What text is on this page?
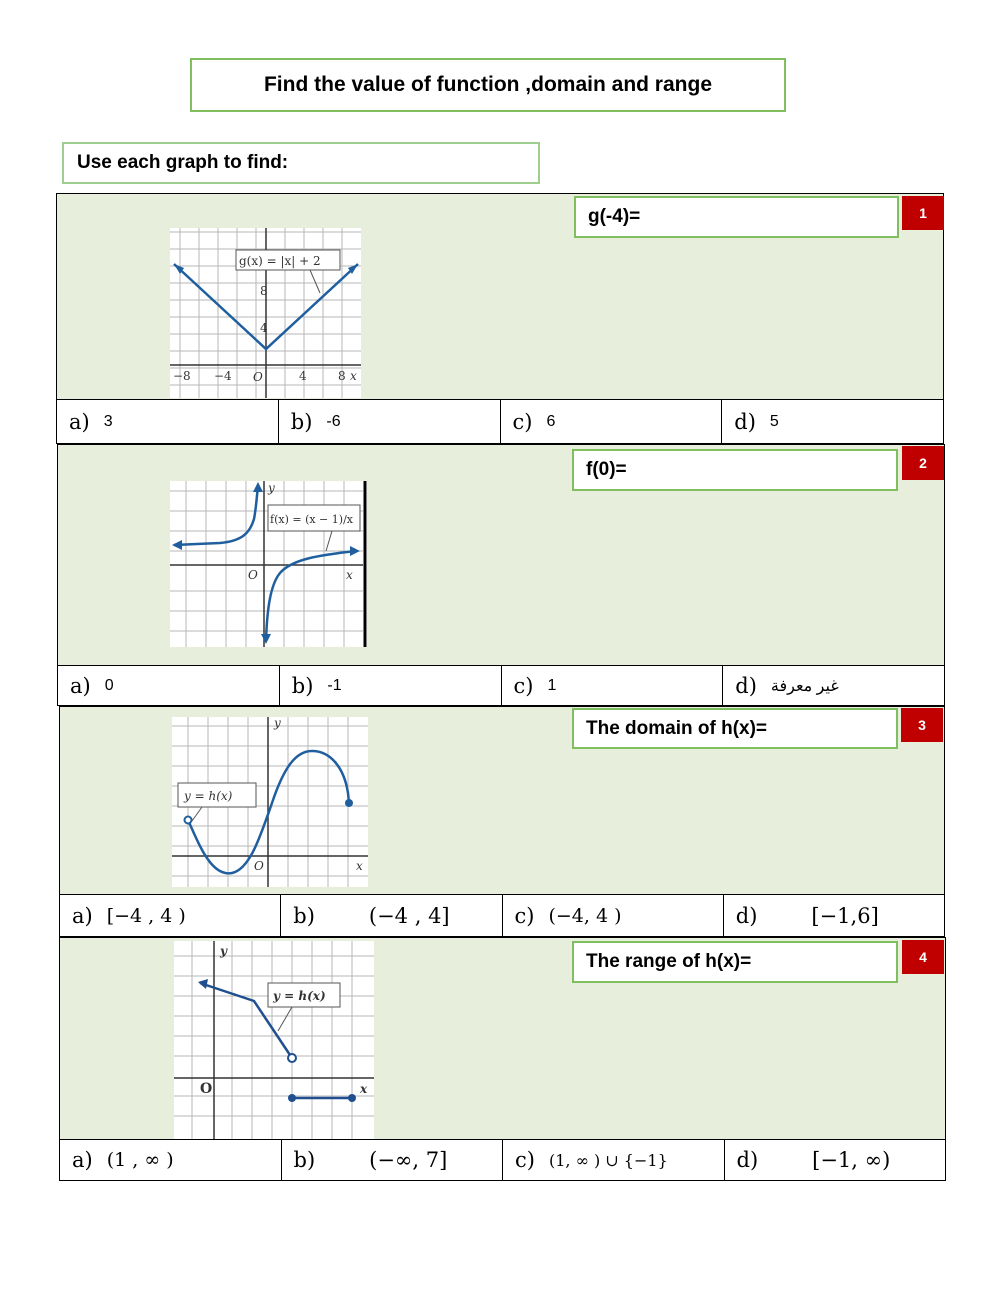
Find the value of function ,domain and range
Use each graph to find:
g(-4)=	1
g(x) = |x| + 2
8
4
−8 −4 O	4	8 x
a) 3	b) -6	c) 6	d) 5
f(0)=	2
f(x) = (x − 1)/x
y
O	x
a) 0	b) -1	c) 1	d) غير معرفة
The domain of h(x)=	3
y = h(x)
y
O	x
a) [−4 , 4 )	b)	(−4 , 4]	c) (−4, 4 )	d)	[−1,6]
The range of h(x)=	4
y = h(x)
y
O	x
a) (1 , ∞ )	b)	(−∞, 7]	c) (1, ∞ ) ∪ {−1}	d)	[−1, ∞)
